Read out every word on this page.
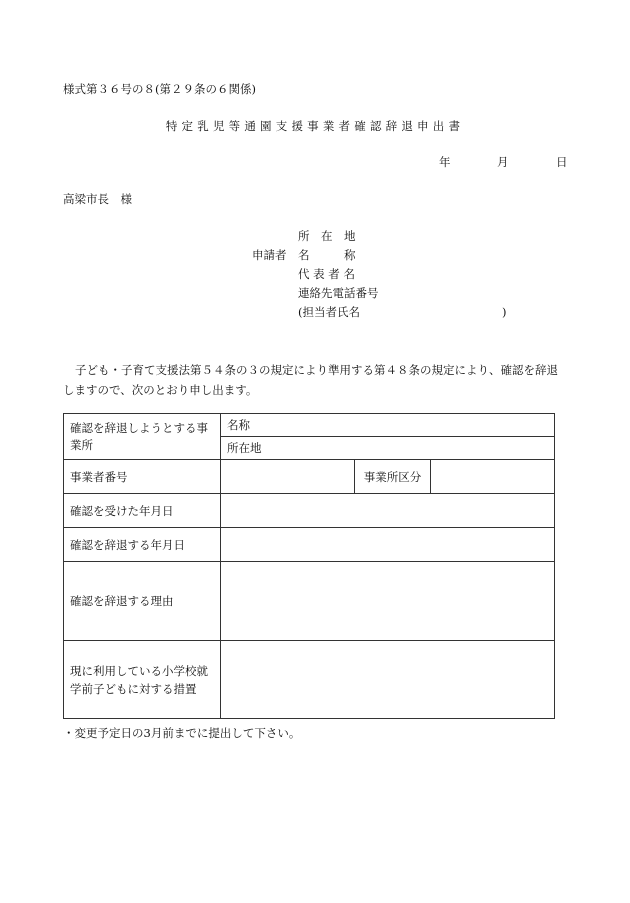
様式第３６号の８(第２９条の６関係)
特定乳児等通園支援事業者確認辞退申出書
年	月	日
高梁市長　様
申請者
所　在　地
名　　　称
代 表 者 名
連絡先電話番号
(担当者氏名	)
子ども・子育て支援法第５４条の３の規定により準用する第４８条の規定により、確認を辞退しますので、次のとおり申し出ます。
確認を辞退しようとする事業所	名称		
	所在地		
事業者番号		事業所区分	
確認を受けた年月日			
確認を辞退する年月日			
確認を辞退する理由			
現に利用している小学校就学前子どもに対する措置			
・変更予定日の3月前までに提出して下さい。
